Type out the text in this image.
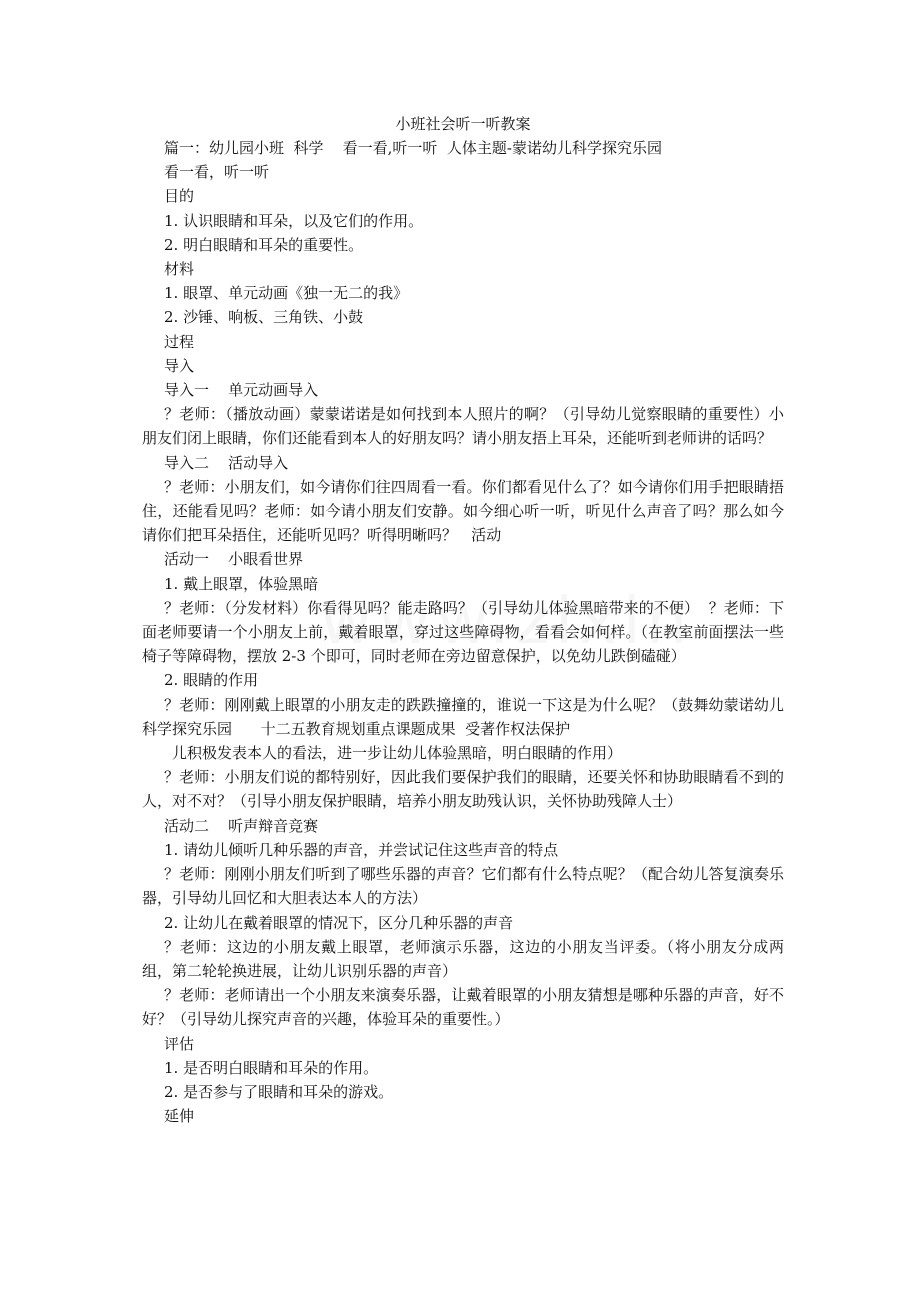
小班社会听一听教案

篇一：幼儿园小班  科学    看一看,听一听  人体主题-蒙诺幼儿科学探究乐园

看一看，听一听

目的

1. 认识眼睛和耳朵，以及它们的作用。

2. 明白眼睛和耳朵的重要性。

材料

1. 眼罩、单元动画《独一无二的我》

2. 沙锤、响板、三角铁、小鼓

过程

导入

导入一    单元动画导入

？老师：（播放动画）蒙蒙诺诺是如何找到本人照片的啊？（引导幼儿觉察眼睛的重要性）小朋友们闭上眼睛，你们还能看到本人的好朋友吗？请小朋友捂上耳朵，还能听到老师讲的话吗？

导入二    活动导入

？老师：小朋友们，如今请你们往四周看一看。你们都看见什么了？如今请你们用手把眼睛捂住，还能看见吗？老师：如今请小朋友们安静。如今细心听一听，听见什么声音了吗？那么如今请你们把耳朵捂住，还能听见吗？听得明晰吗？   活动

活动一    小眼看世界

1. 戴上眼罩，体验黑暗

？老师：（分发材料）你看得见吗？能走路吗？（引导幼儿体验黑暗带来的不便）  ？老师：下面老师要请一个小朋友上前，戴着眼罩，穿过这些障碍物，看看会如何样。（在教室前面摆法一些椅子等障碍物，摆放 2-3 个即可，同时老师在旁边留意保护，以免幼儿跌倒磕碰）

2. 眼睛的作用

？老师：刚刚戴上眼罩的小朋友走的跌跌撞撞的，谁说一下这是为什么呢？（鼓舞幼蒙诺幼儿科学探究乐园      十二五教育规划重点课题成果  受著作权法保护

儿积极发表本人的看法，进一步让幼儿体验黑暗，明白眼睛的作用）

？老师：小朋友们说的都特别好，因此我们要保护我们的眼睛，还要关怀和协助眼睛看不到的人，对不对？（引导小朋友保护眼睛，培养小朋友助残认识，关怀协助残障人士）

活动二    听声辩音竞赛

1. 请幼儿倾听几种乐器的声音，并尝试记住这些声音的特点

？老师：刚刚小朋友们听到了哪些乐器的声音？它们都有什么特点呢？（配合幼儿答复演奏乐器，引导幼儿回忆和大胆表达本人的方法）

2. 让幼儿在戴着眼罩的情况下，区分几种乐器的声音

？老师：这边的小朋友戴上眼罩，老师演示乐器，这边的小朋友当评委。（将小朋友分成两组，第二轮轮换进展，让幼儿识别乐器的声音）

？老师：老师请出一个小朋友来演奏乐器，让戴着眼罩的小朋友猜想是哪种乐器的声音，好不好？（引导幼儿探究声音的兴趣，体验耳朵的重要性。）

评估

1. 是否明白眼睛和耳朵的作用。

2. 是否参与了眼睛和耳朵的游戏。

延伸
